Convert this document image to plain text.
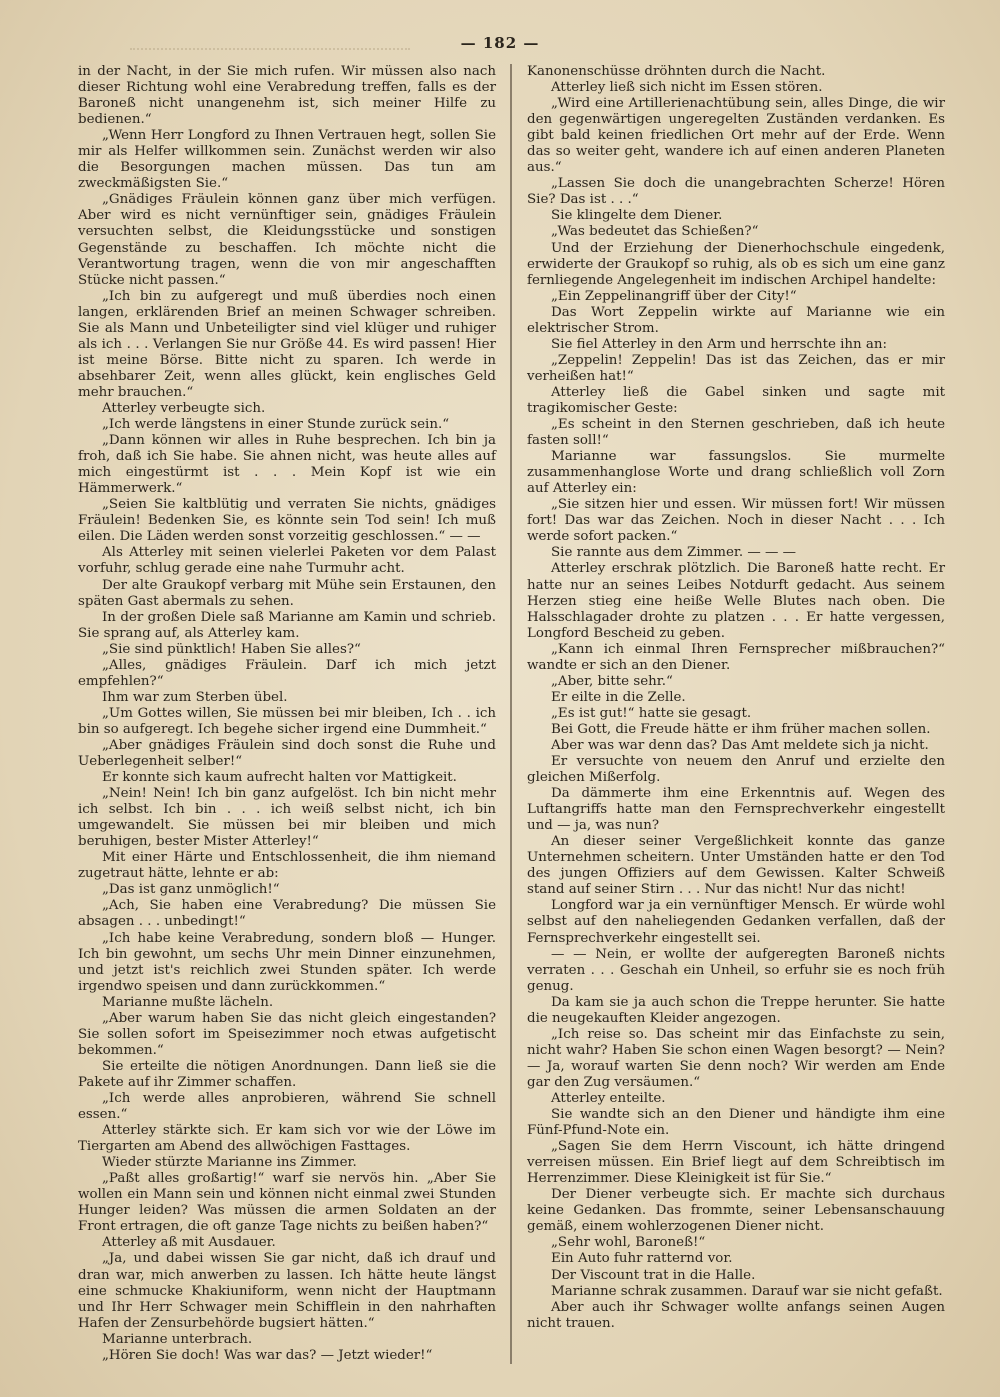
— 182 —

in der Nacht, in der Sie mich rufen. Wir müssen also nach dieser Richtung wohl eine Verabredung treffen, falls es der Baroneß nicht unangenehm ist, sich meiner Hilfe zu bedienen.“

„Wenn Herr Longford zu Ihnen Vertrauen hegt, sollen Sie mir als Helfer willkommen sein. Zunächst werden wir also die Besorgungen machen müssen. Das tun am zweckmäßigsten Sie.“

„Gnädiges Fräulein können ganz über mich verfügen. Aber wird es nicht vernünftiger sein, gnädiges Fräulein versuchten selbst, die Kleidungsstücke und sonstigen Gegenstände zu beschaffen. Ich möchte nicht die Verantwortung tragen, wenn die von mir angeschafften Stücke nicht passen.“

„Ich bin zu aufgeregt und muß überdies noch einen langen, erklärenden Brief an meinen Schwager schreiben. Sie als Mann und Unbeteiligter sind viel klüger und ruhiger als ich . . . Verlangen Sie nur Größe 44. Es wird passen! Hier ist meine Börse. Bitte nicht zu sparen. Ich werde in absehbarer Zeit, wenn alles glückt, kein englisches Geld mehr brauchen.“

Atterley verbeugte sich.

„Ich werde längstens in einer Stunde zurück sein.“

„Dann können wir alles in Ruhe besprechen. Ich bin ja froh, daß ich Sie habe. Sie ahnen nicht, was heute alles auf mich eingestürmt ist . . . Mein Kopf ist wie ein Hämmerwerk.“

„Seien Sie kaltblütig und verraten Sie nichts, gnädiges Fräulein! Bedenken Sie, es könnte sein Tod sein! Ich muß eilen. Die Läden werden sonst vorzeitig geschlossen.“ — —

Als Atterley mit seinen vielerlei Paketen vor dem Palast vorfuhr, schlug gerade eine nahe Turmuhr acht.

Der alte Graukopf verbarg mit Mühe sein Erstaunen, den späten Gast abermals zu sehen.

In der großen Diele saß Marianne am Kamin und schrieb. Sie sprang auf, als Atterley kam.

„Sie sind pünktlich! Haben Sie alles?“

„Alles, gnädiges Fräulein. Darf ich mich jetzt empfehlen?“

Ihm war zum Sterben übel.

„Um Gottes willen, Sie müssen bei mir bleiben, Ich . . ich bin so aufgeregt. Ich begehe sicher irgend eine Dummheit.“

„Aber gnädiges Fräulein sind doch sonst die Ruhe und Ueberlegenheit selber!“

Er konnte sich kaum aufrecht halten vor Mattigkeit.

„Nein! Nein! Ich bin ganz aufgelöst. Ich bin nicht mehr ich selbst. Ich bin . . . ich weiß selbst nicht, ich bin umgewandelt. Sie müssen bei mir bleiben und mich beruhigen, bester Mister Atterley!“

Mit einer Härte und Entschlossenheit, die ihm niemand zugetraut hätte, lehnte er ab:

„Das ist ganz unmöglich!“

„Ach, Sie haben eine Verabredung? Die müssen Sie absagen . . . unbedingt!“

„Ich habe keine Verabredung, sondern bloß — Hunger. Ich bin gewohnt, um sechs Uhr mein Dinner einzunehmen, und jetzt ist's reichlich zwei Stunden später. Ich werde irgendwo speisen und dann zurückkommen.“

Marianne mußte lächeln.

„Aber warum haben Sie das nicht gleich eingestanden? Sie sollen sofort im Speisezimmer noch etwas aufgetischt bekommen.“

Sie erteilte die nötigen Anordnungen. Dann ließ sie die Pakete auf ihr Zimmer schaffen.

„Ich werde alles anprobieren, während Sie schnell essen.“

Atterley stärkte sich. Er kam sich vor wie der Löwe im Tiergarten am Abend des allwöchigen Fasttages.

Wieder stürzte Marianne ins Zimmer.

„Paßt alles großartig!“ warf sie nervös hin. „Aber Sie wollen ein Mann sein und können nicht einmal zwei Stunden Hunger leiden? Was müssen die armen Soldaten an der Front ertragen, die oft ganze Tage nichts zu beißen haben?“

Atterley aß mit Ausdauer.

„Ja, und dabei wissen Sie gar nicht, daß ich drauf und dran war, mich anwerben zu lassen. Ich hätte heute längst eine schmucke Khakiuniform, wenn nicht der Hauptmann und Ihr Herr Schwager mein Schifflein in den nahrhaften Hafen der Zensurbehörde bugsiert hätten.“

Marianne unterbrach.

„Hören Sie doch! Was war das? — Jetzt wieder!“

Kanonenschüsse dröhnten durch die Nacht.

Atterley ließ sich nicht im Essen stören.

„Wird eine Artillerienachtübung sein, alles Dinge, die wir den gegenwärtigen ungeregelten Zuständen verdanken. Es gibt bald keinen friedlichen Ort mehr auf der Erde. Wenn das so weiter geht, wandere ich auf einen anderen Planeten aus.“

„Lassen Sie doch die unangebrachten Scherze! Hören Sie? Das ist . . .“

Sie klingelte dem Diener.

„Was bedeutet das Schießen?“

Und der Erziehung der Dienerhochschule eingedenk, erwiderte der Graukopf so ruhig, als ob es sich um eine ganz fernliegende Angelegenheit im indischen Archipel handelte:

„Ein Zeppelinangriff über der City!“

Das Wort Zeppelin wirkte auf Marianne wie ein elektrischer Strom.

Sie fiel Atterley in den Arm und herrschte ihn an:

„Zeppelin! Zeppelin! Das ist das Zeichen, das er mir verheißen hat!“

Atterley ließ die Gabel sinken und sagte mit tragikomischer Geste:

„Es scheint in den Sternen geschrieben, daß ich heute fasten soll!“

Marianne war fassungslos. Sie murmelte zusammenhanglose Worte und drang schließlich voll Zorn auf Atterley ein:

„Sie sitzen hier und essen. Wir müssen fort! Wir müssen fort! Das war das Zeichen. Noch in dieser Nacht . . . Ich werde sofort packen.“

Sie rannte aus dem Zimmer. — — —

Atterley erschrak plötzlich. Die Baroneß hatte recht. Er hatte nur an seines Leibes Notdurft gedacht. Aus seinem Herzen stieg eine heiße Welle Blutes nach oben. Die Halsschlagader drohte zu platzen . . . Er hatte vergessen, Longford Bescheid zu geben.

„Kann ich einmal Ihren Fernsprecher mißbrauchen?“ wandte er sich an den Diener.

„Aber, bitte sehr.“

Er eilte in die Zelle.

„Es ist gut!“ hatte sie gesagt.

Bei Gott, die Freude hätte er ihm früher machen sollen.

Aber was war denn das? Das Amt meldete sich ja nicht.

Er versuchte von neuem den Anruf und erzielte den gleichen Mißerfolg.

Da dämmerte ihm eine Erkenntnis auf. Wegen des Luftangriffs hatte man den Fernsprechverkehr eingestellt und — ja, was nun?

An dieser seiner Vergeßlichkeit konnte das ganze Unternehmen scheitern. Unter Umständen hatte er den Tod des jungen Offiziers auf dem Gewissen. Kalter Schweiß stand auf seiner Stirn . . . Nur das nicht! Nur das nicht!

Longford war ja ein vernünftiger Mensch. Er würde wohl selbst auf den naheliegenden Gedanken verfallen, daß der Fernsprechverkehr eingestellt sei.

— — Nein, er wollte der aufgeregten Baroneß nichts verraten . . . Geschah ein Unheil, so erfuhr sie es noch früh genug.

Da kam sie ja auch schon die Treppe herunter. Sie hatte die neugekauften Kleider angezogen.

„Ich reise so. Das scheint mir das Einfachste zu sein, nicht wahr? Haben Sie schon einen Wagen besorgt? — Nein? — Ja, worauf warten Sie denn noch? Wir werden am Ende gar den Zug versäumen.“

Atterley enteilte.

Sie wandte sich an den Diener und händigte ihm eine Fünf-Pfund-Note ein.

„Sagen Sie dem Herrn Viscount, ich hätte dringend verreisen müssen. Ein Brief liegt auf dem Schreibtisch im Herrenzimmer. Diese Kleinigkeit ist für Sie.“

Der Diener verbeugte sich. Er machte sich durchaus keine Gedanken. Das frommte, seiner Lebensanschauung gemäß, einem wohlerzogenen Diener nicht.

„Sehr wohl, Baroneß!“

Ein Auto fuhr ratternd vor.

Der Viscount trat in die Halle.

Marianne schrak zusammen. Darauf war sie nicht gefaßt.

Aber auch ihr Schwager wollte anfangs seinen Augen nicht trauen.
